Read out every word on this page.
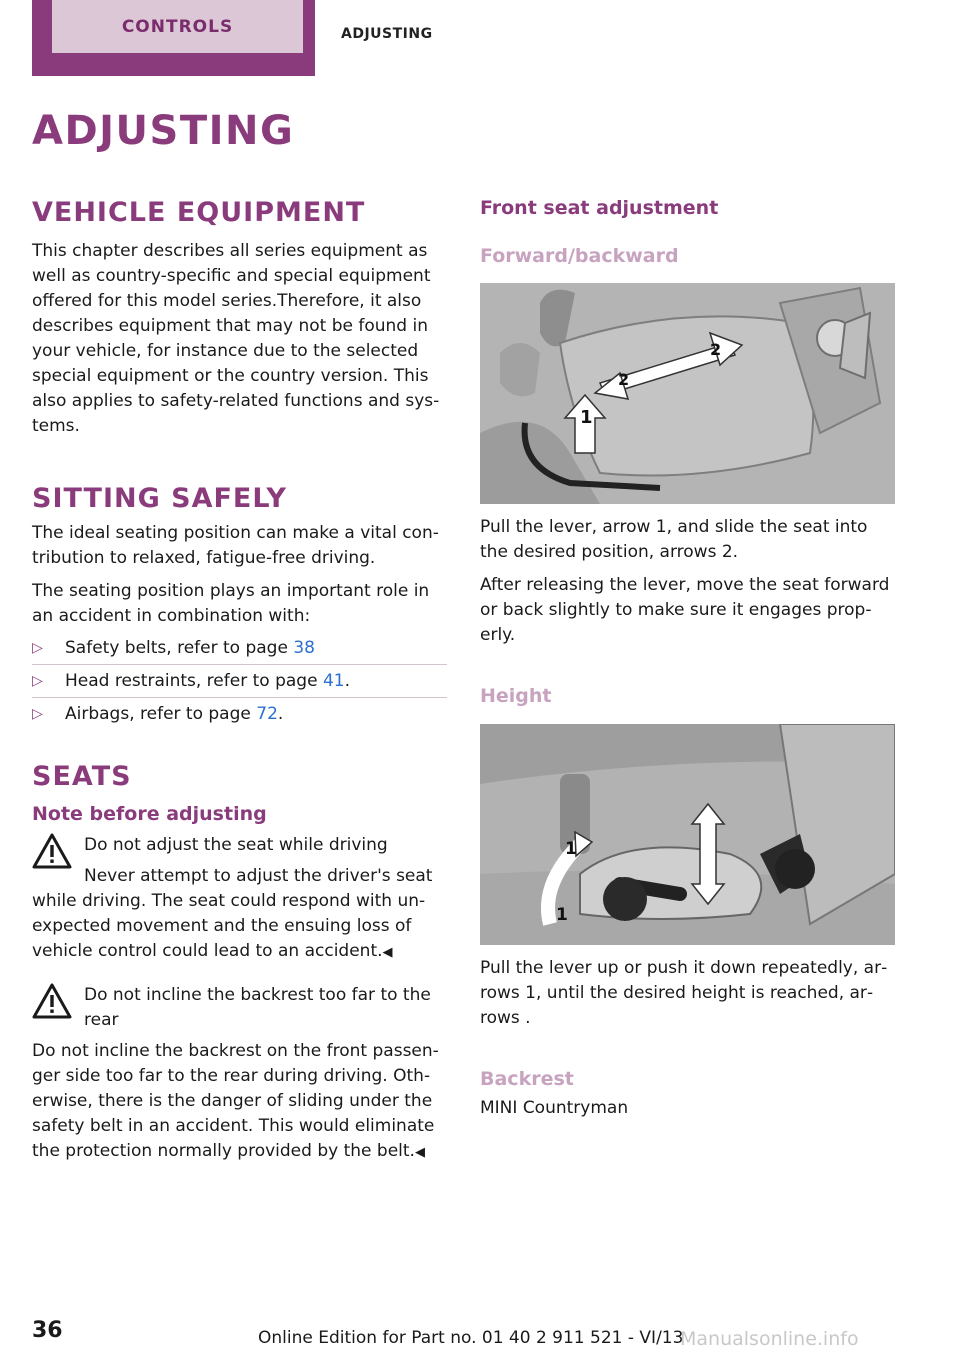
CONTROLS	ADJUSTING
ADJUSTING
VEHICLE EQUIPMENT

This chapter describes all series equipment as well as country-specific and special equipment offered for this model series.Therefore, it also describes equipment that may not be found in your vehicle, for instance due to the selected special equipment or the country version. This also applies to safety-related functions and systems.

SITTING SAFELY

The ideal seating position can make a vital contribution to relaxed, fatigue-free driving.

The seating position plays an important role in an accident in combination with:

▷ Safety belts, refer to page 38
▷ Head restraints, refer to page 41.
▷ Airbags, refer to page 72.
SEATS
Note before adjusting

Do not adjust the seat while driving

Never attempt to adjust the driver's seat while driving. The seat could respond with unexpected movement and the ensuing loss of vehicle control could lead to an accident.◀

Do not incline the backrest too far to the rear

Do not incline the backrest on the front passenger side too far to the rear during driving. Otherwise, there is the danger of sliding under the safety belt in an accident. This would eliminate the protection normally provided by the belt.◀

Front seat adjustment
Forward/backward
1
2
2

Pull the lever, arrow 1, and slide the seat into the desired position, arrows 2.

After releasing the lever, move the seat forward or back slightly to make sure it engages properly.

Height
1
1

Pull the lever up or push it down repeatedly, arrows 1, until the desired height is reached, arrows .

Backrest

MINI Countryman

36	Online Edition for Part no. 01 40 2 911 521 - VI/13
Manualsonline.info
